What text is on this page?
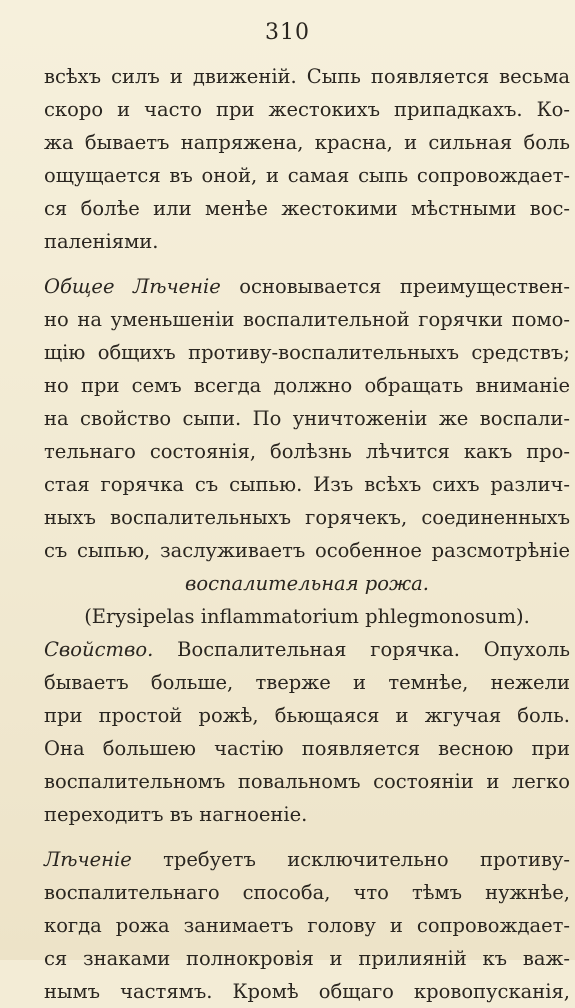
310
всѣхъ силъ и движеній. Сыпь появляется весьма
скоро и часто при жестокихъ припадкахъ. Ко-
жа бываетъ напряжена, красна, и сильная боль
ощущается въ оной, и самая сыпь сопровождает-
ся болѣе или менѣе жестокими мѣстными вос-
паленіями.
Общее Лѣченіе основывается преимуществен-
но на уменьшеніи воспалительной горячки помо-
щію общихъ противу-воспалительныхъ средствъ;
но при семъ всегда должно обращать вниманіе
на свойство сыпи. По уничтоженіи же воспали-
тельнаго состоянія, болѣзнь лѣчится какъ про-
стая горячка съ сыпью. Изъ всѣхъ сихъ различ-
ныхъ воспалительныхъ горячекъ, соединенныхъ
съ сыпью, заслуживаетъ особенное разсмотрѣніе
воспалительная рожа.
(Erysipelas inflammatorium phlegmonosum).
Свойство. Воспалительная горячка. Опухоль
бываетъ больше, тверже и темнѣе, нежели
при простой рожѣ, бьющаяся и жгучая боль.
Она большею частію появляется весною при
воспалительномъ повальномъ состояніи и легко
переходитъ въ нагноеніе.
Лѣченіе требуетъ исключительно противу-
воспалительнаго способа, что тѣмъ нужнѣе,
когда рожа занимаетъ голову и сопровождает-
ся знаками полнокровія и прилияній къ важ-
нымъ частямъ. Кромѣ общаго кровопусканія,
